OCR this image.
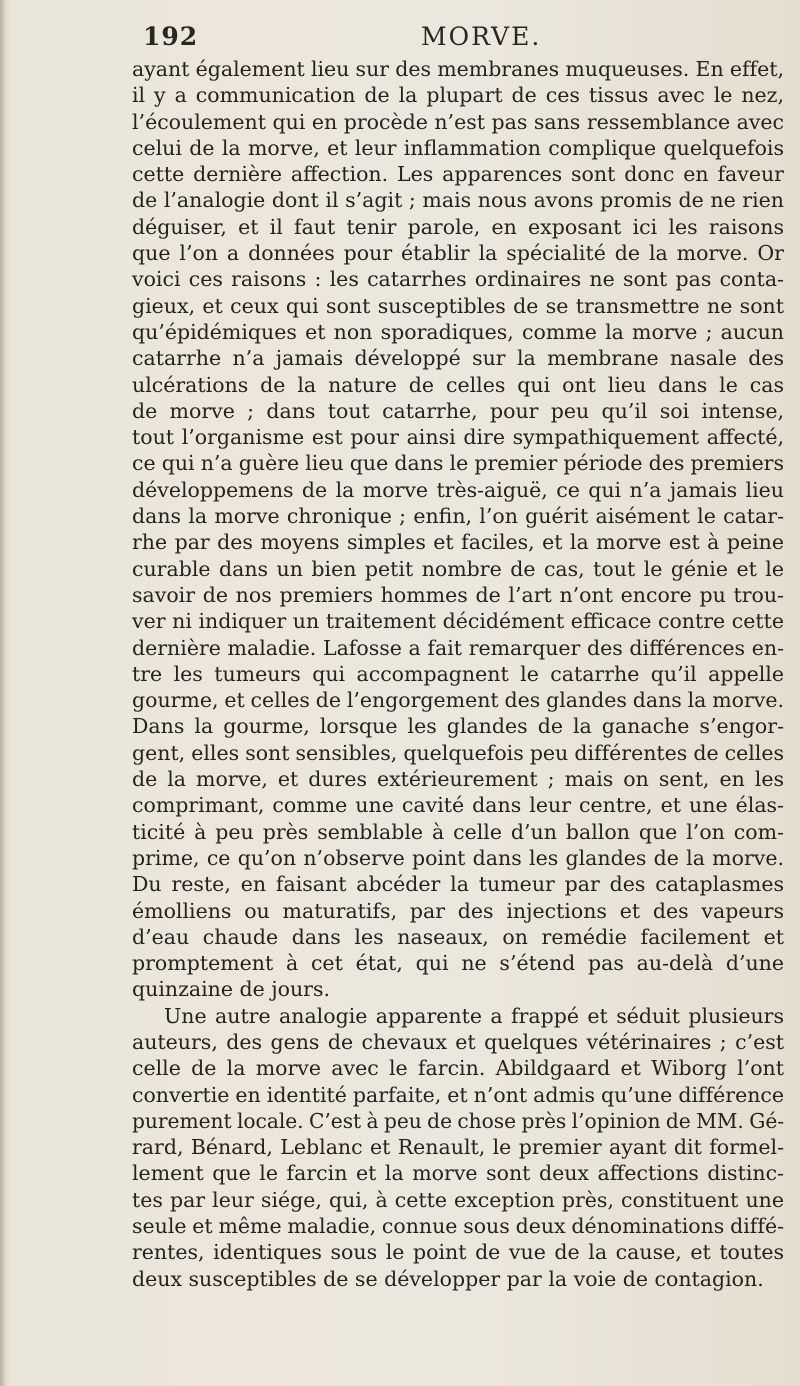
192	MORVE.

ayant également lieu sur des membranes muqueuses. En effet,
il y a communication de la plupart de ces tissus avec le nez,
l’écoulement qui en procède n’est pas sans ressemblance avec
celui de la morve, et leur inflammation complique quelquefois
cette dernière affection. Les apparences sont donc en faveur
de l’analogie dont il s’agit ; mais nous avons promis de ne rien
déguiser, et il faut tenir parole, en exposant ici les raisons
que l’on a données pour établir la spécialité de la morve. Or
voici ces raisons : les catarrhes ordinaires ne sont pas conta-
gieux, et ceux qui sont susceptibles de se transmettre ne sont
qu’épidémiques et non sporadiques, comme la morve ; aucun
catarrhe n’a jamais développé sur la membrane nasale des
ulcérations de la nature de celles qui ont lieu dans le cas
de morve ; dans tout catarrhe, pour peu qu’il soi intense,
tout l’organisme est pour ainsi dire sympathiquement affecté,
ce qui n’a guère lieu que dans le premier période des premiers
développemens de la morve très-aiguë, ce qui n’a jamais lieu
dans la morve chronique ; enfin, l’on guérit aisément le catar-
rhe par des moyens simples et faciles, et la morve est à peine
curable dans un bien petit nombre de cas, tout le génie et le
savoir de nos premiers hommes de l’art n’ont encore pu trou-
ver ni indiquer un traitement décidément efficace contre cette
dernière maladie. Lafosse a fait remarquer des différences en-
tre les tumeurs qui accompagnent le catarrhe qu’il appelle
gourme, et celles de l’engorgement des glandes dans la morve.
Dans la gourme, lorsque les glandes de la ganache s’engor-
gent, elles sont sensibles, quelquefois peu différentes de celles
de la morve, et dures extérieurement ; mais on sent, en les
comprimant, comme une cavité dans leur centre, et une élas-
ticité à peu près semblable à celle d’un ballon que l’on com-
prime, ce qu’on n’observe point dans les glandes de la morve.
Du reste, en faisant abcéder la tumeur par des cataplasmes
émolliens ou maturatifs, par des injections et des vapeurs
d’eau chaude dans les naseaux, on remédie facilement et
promptement à cet état, qui ne s’étend pas au-delà d’une
quinzaine de jours.

Une autre analogie apparente a frappé et séduit plusieurs
auteurs, des gens de chevaux et quelques vétérinaires ; c’est
celle de la morve avec le farcin. Abildgaard et Wiborg l’ont
convertie en identité parfaite, et n’ont admis qu’une différence
purement locale. C’est à peu de chose près l’opinion de MM. Gé-
rard, Bénard, Leblanc et Renault, le premier ayant dit formel-
lement que le farcin et la morve sont deux affections distinc-
tes par leur siége, qui, à cette exception près, constituent une
seule et même maladie, connue sous deux dénominations diffé-
rentes, identiques sous le point de vue de la cause, et toutes
deux susceptibles de se développer par la voie de contagion.
